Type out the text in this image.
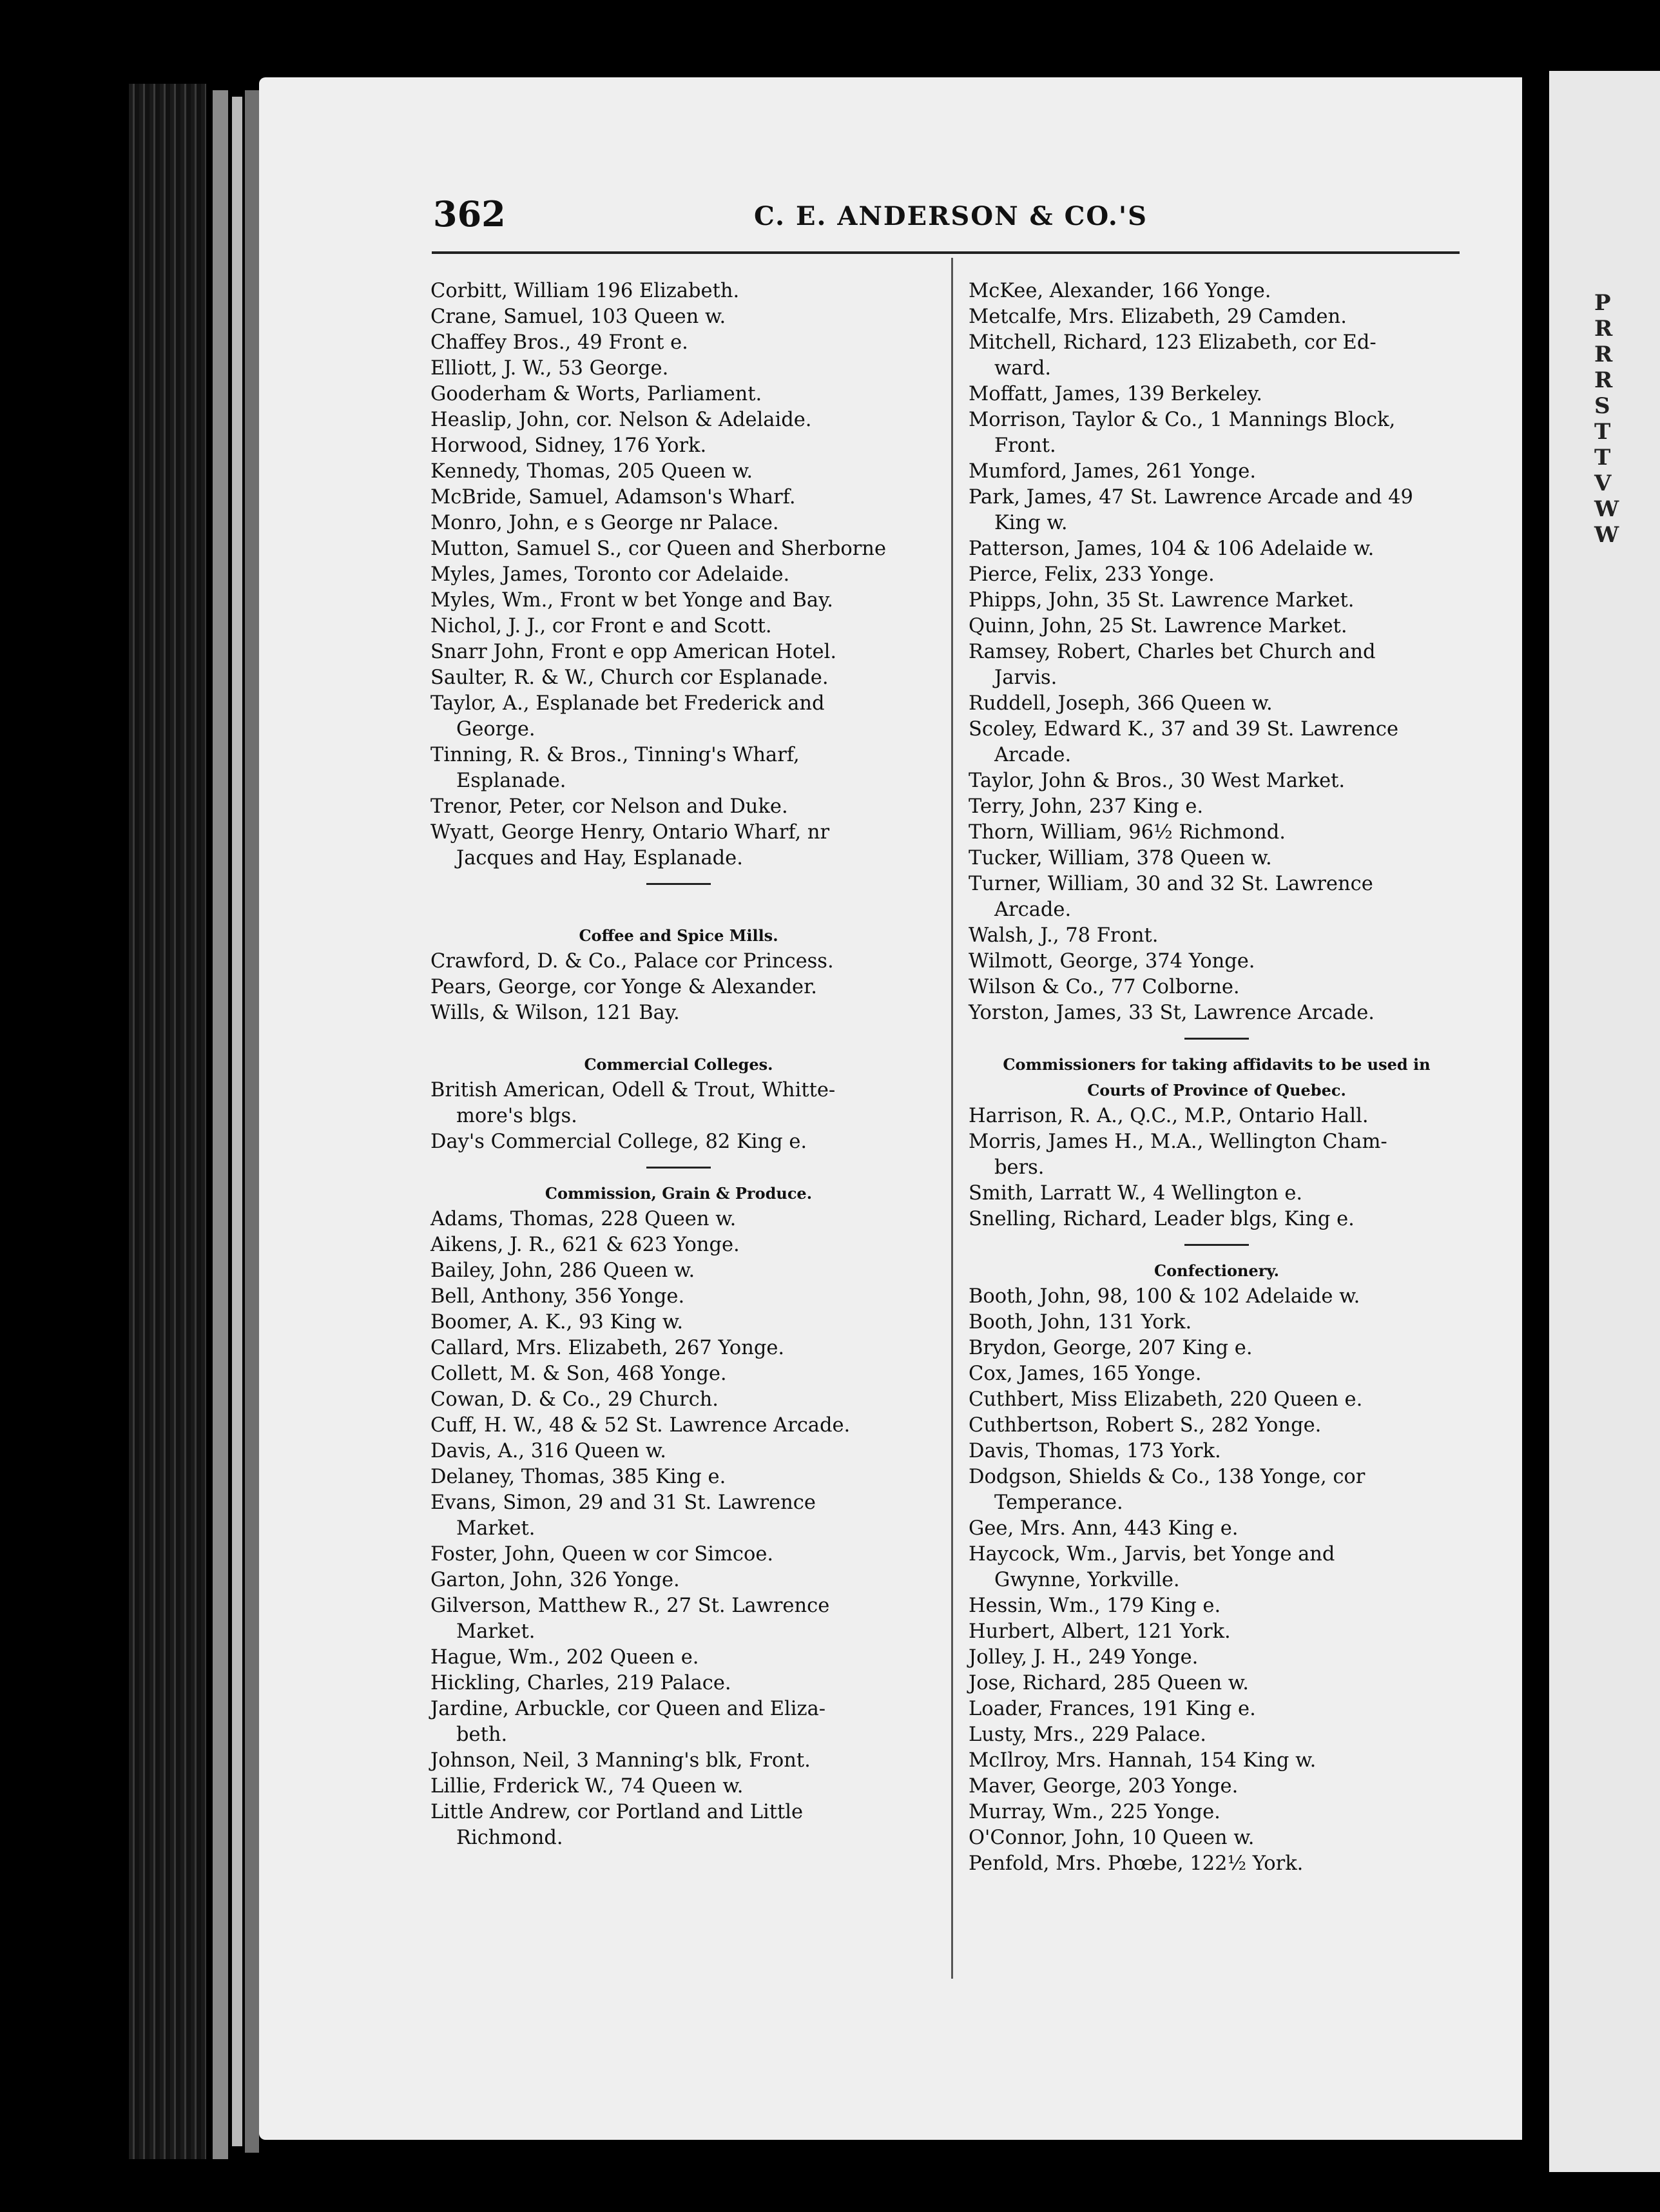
P
R
R
R
S
T
T
V
W
W
362	C. E. ANDERSON & CO.'S
Corbitt, William 196 Elizabeth.
Crane, Samuel, 103 Queen w.
Chaffey Bros., 49 Front e.
Elliott, J. W., 53 George.
Gooderham & Worts, Parliament.
Heaslip, John, cor. Nelson & Adelaide.
Horwood, Sidney, 176 York.
Kennedy, Thomas, 205 Queen w.
McBride, Samuel, Adamson's Wharf.
Monro, John, e s George nr Palace.
Mutton, Samuel S., cor Queen and Sherborne
Myles, James, Toronto cor Adelaide.
Myles, Wm., Front w bet Yonge and Bay.
Nichol, J. J., cor Front e and Scott.
Snarr John, Front e opp American Hotel.
Saulter, R. & W., Church cor Esplanade.
Taylor, A., Esplanade bet Frederick and
George.
Tinning, R. & Bros., Tinning's Wharf,
Esplanade.
Trenor, Peter, cor Nelson and Duke.
Wyatt, George Henry, Ontario Wharf, nr
Jacques and Hay, Esplanade.
Coffee and Spice Mills.
Crawford, D. & Co., Palace cor Princess.
Pears, George, cor Yonge & Alexander.
Wills, & Wilson, 121 Bay.
Commercial Colleges.
British American, Odell & Trout, Whitte-
more's blgs.
Day's Commercial College, 82 King e.
Commission, Grain & Produce.
Adams, Thomas, 228 Queen w.
Aikens, J. R., 621 & 623 Yonge.
Bailey, John, 286 Queen w.
Bell, Anthony, 356 Yonge.
Boomer, A. K., 93 King w.
Callard, Mrs. Elizabeth, 267 Yonge.
Collett, M. & Son, 468 Yonge.
Cowan, D. & Co., 29 Church.
Cuff, H. W., 48 & 52 St. Lawrence Arcade.
Davis, A., 316 Queen w.
Delaney, Thomas, 385 King e.
Evans, Simon, 29 and 31 St. Lawrence
Market.
Foster, John, Queen w cor Simcoe.
Garton, John, 326 Yonge.
Gilverson, Matthew R., 27 St. Lawrence
Market.
Hague, Wm., 202 Queen e.
Hickling, Charles, 219 Palace.
Jardine, Arbuckle, cor Queen and Eliza-
beth.
Johnson, Neil, 3 Manning's blk, Front.
Lillie, Frderick W., 74 Queen w.
Little Andrew, cor Portland and Little
Richmond.
McKee, Alexander, 166 Yonge.
Metcalfe, Mrs. Elizabeth, 29 Camden.
Mitchell, Richard, 123 Elizabeth, cor Ed-
ward.
Moffatt, James, 139 Berkeley.
Morrison, Taylor & Co., 1 Mannings Block,
Front.
Mumford, James, 261 Yonge.
Park, James, 47 St. Lawrence Arcade and 49
King w.
Patterson, James, 104 & 106 Adelaide w.
Pierce, Felix, 233 Yonge.
Phipps, John, 35 St. Lawrence Market.
Quinn, John, 25 St. Lawrence Market.
Ramsey, Robert, Charles bet Church and
Jarvis.
Ruddell, Joseph, 366 Queen w.
Scoley, Edward K., 37 and 39 St. Lawrence
Arcade.
Taylor, John & Bros., 30 West Market.
Terry, John, 237 King e.
Thorn, William, 96½ Richmond.
Tucker, William, 378 Queen w.
Turner, William, 30 and 32 St. Lawrence
Arcade.
Walsh, J., 78 Front.
Wilmott, George, 374 Yonge.
Wilson & Co., 77 Colborne.
Yorston, James, 33 St, Lawrence Arcade.
Commissioners for taking affidavits to be used in
Courts of Province of Quebec.
Harrison, R. A., Q.C., M.P., Ontario Hall.
Morris, James H., M.A., Wellington Cham-
bers.
Smith, Larratt W., 4 Wellington e.
Snelling, Richard, Leader blgs, King e.
Confectionery.
Booth, John, 98, 100 & 102 Adelaide w.
Booth, John, 131 York.
Brydon, George, 207 King e.
Cox, James, 165 Yonge.
Cuthbert, Miss Elizabeth, 220 Queen e.
Cuthbertson, Robert S., 282 Yonge.
Davis, Thomas, 173 York.
Dodgson, Shields & Co., 138 Yonge, cor
Temperance.
Gee, Mrs. Ann, 443 King e.
Haycock, Wm., Jarvis, bet Yonge and
Gwynne, Yorkville.
Hessin, Wm., 179 King e.
Hurbert, Albert, 121 York.
Jolley, J. H., 249 Yonge.
Jose, Richard, 285 Queen w.
Loader, Frances, 191 King e.
Lusty, Mrs., 229 Palace.
McIlroy, Mrs. Hannah, 154 King w.
Maver, George, 203 Yonge.
Murray, Wm., 225 Yonge.
O'Connor, John, 10 Queen w.
Penfold, Mrs. Phœbe, 122½ York.
